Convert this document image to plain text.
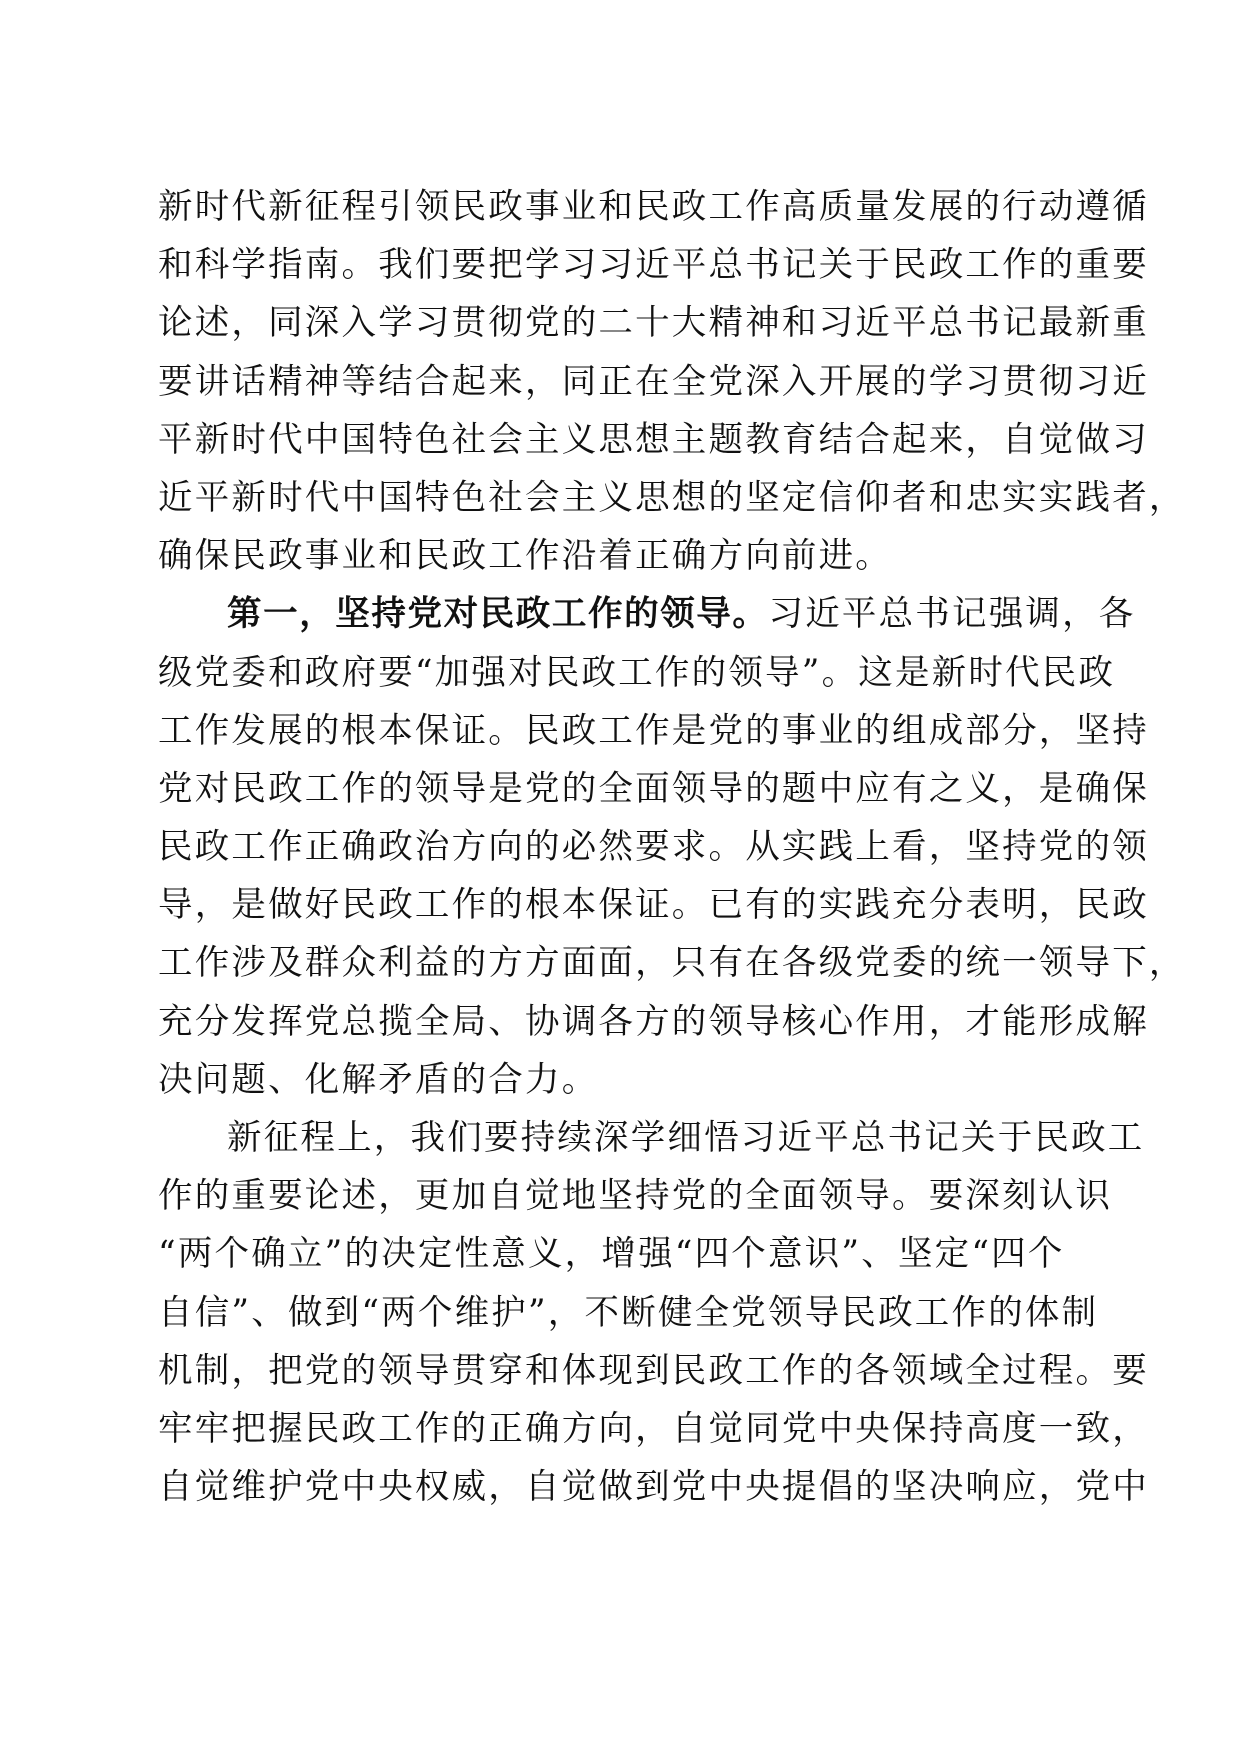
新时代新征程引领民政事业和民政工作高质量发展的行动遵循
和科学指南。我们要把学习习近平总书记关于民政工作的重要
论述，同深入学习贯彻党的二十大精神和习近平总书记最新重
要讲话精神等结合起来，同正在全党深入开展的学习贯彻习近
平新时代中国特色社会主义思想主题教育结合起来，自觉做习
近平新时代中国特色社会主义思想的坚定信仰者和忠实实践者，
确保民政事业和民政工作沿着正确方向前进。
第一，坚持党对民政工作的领导。习近平总书记强调，各
级党委和政府要“加强对民政工作的领导”。这是新时代民政
工作发展的根本保证。民政工作是党的事业的组成部分，坚持
党对民政工作的领导是党的全面领导的题中应有之义，是确保
民政工作正确政治方向的必然要求。从实践上看，坚持党的领
导，是做好民政工作的根本保证。已有的实践充分表明，民政
工作涉及群众利益的方方面面，只有在各级党委的统一领导下，
充分发挥党总揽全局、协调各方的领导核心作用，才能形成解
决问题、化解矛盾的合力。
新征程上，我们要持续深学细悟习近平总书记关于民政工
作的重要论述，更加自觉地坚持党的全面领导。要深刻认识
“两个确立”的决定性意义，增强“四个意识”、坚定“四个
自信”、做到“两个维护”，不断健全党领导民政工作的体制
机制，把党的领导贯穿和体现到民政工作的各领域全过程。要
牢牢把握民政工作的正确方向，自觉同党中央保持高度一致，
自觉维护党中央权威，自觉做到党中央提倡的坚决响应，党中
